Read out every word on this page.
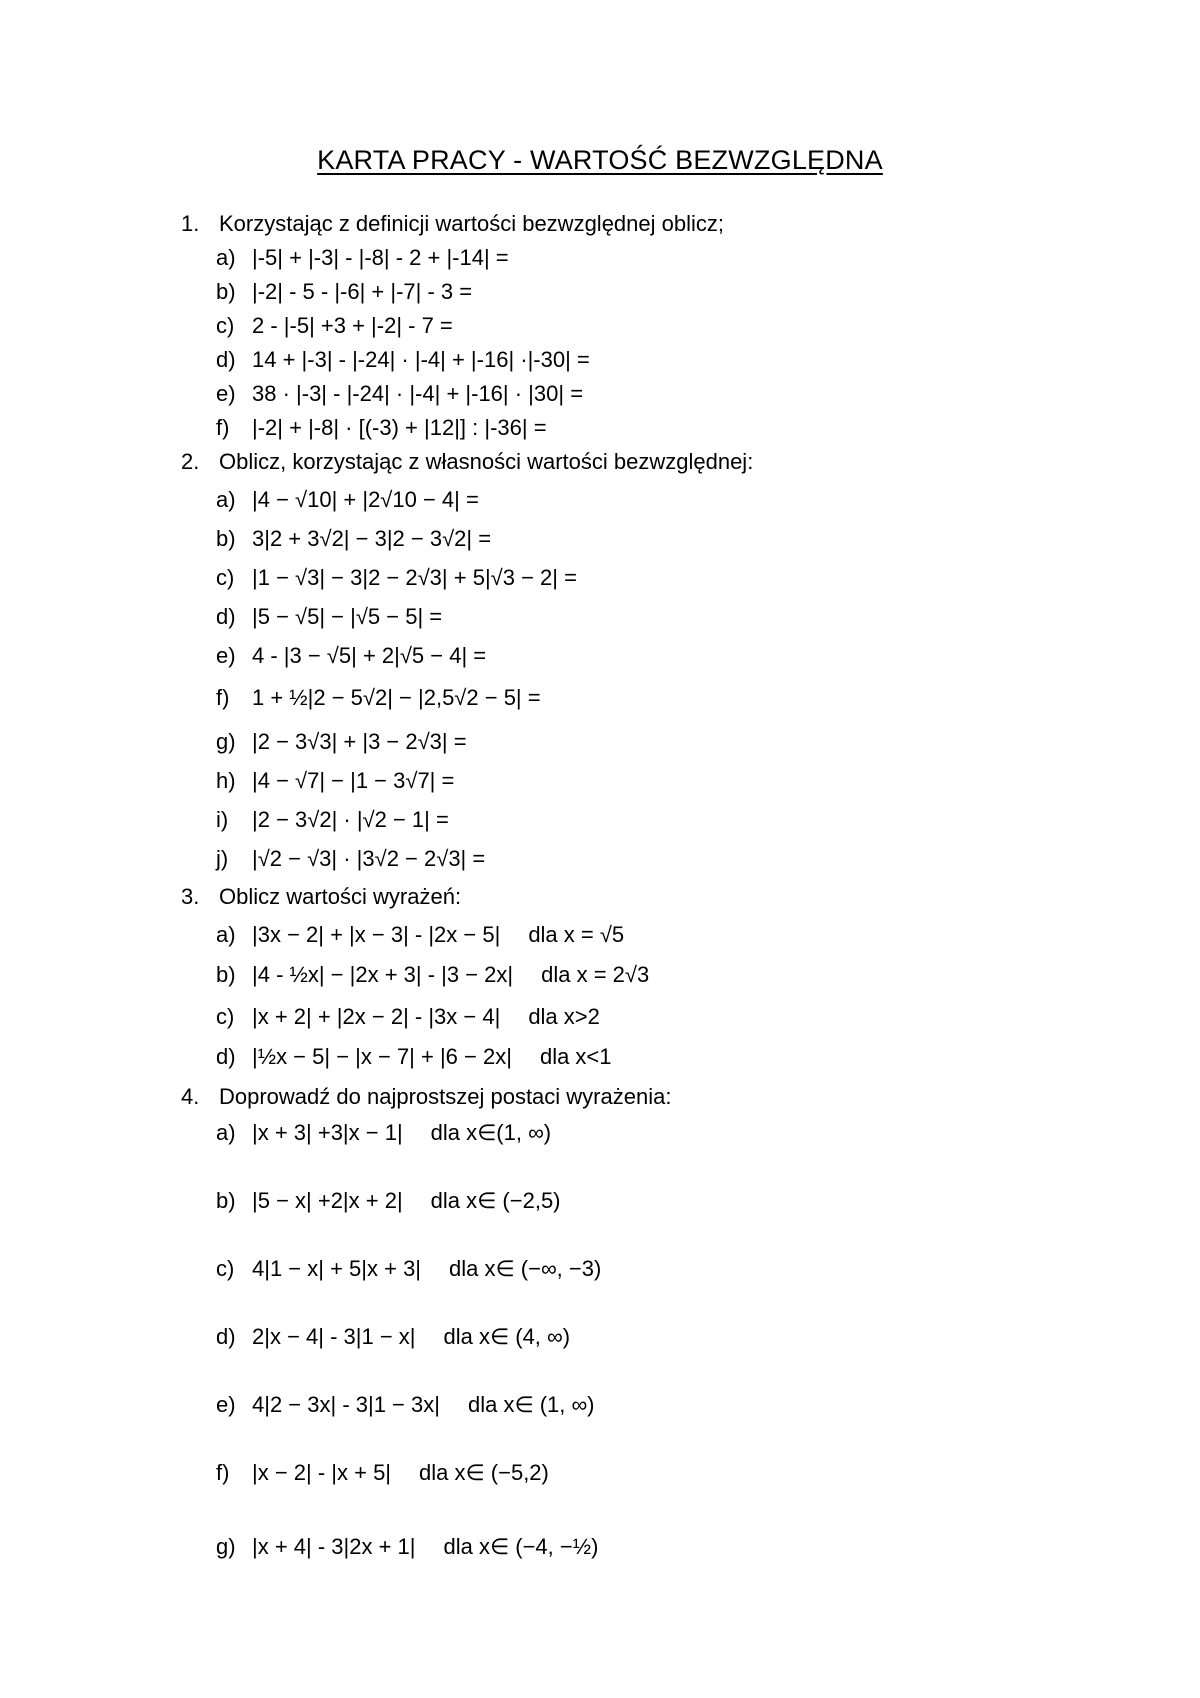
KARTA PRACY - WARTOŚĆ BEZWZGLĘDNA
1. Korzystając z definicji wartości bezwzględnej oblicz;
a) |-5| + |-3| - |-8| - 2 + |-14| =
b) |-2| - 5 - |-6| + |-7| - 3 =
c) 2 - |-5| +3 + |-2| - 7 =
d) 14 + |-3| - |-24| · |-4| + |-16| ·|-30| =
e) 38 · |-3| - |-24| · |-4| + |-16| · |30| =
f) |-2| + |-8| · [(-3) + |12|] : |-36| =
2. Oblicz, korzystając z własności wartości bezwzględnej:
a) |4 − √10| + |2√10 − 4| =
b) 3|2 + 3√2| − 3|2 − 3√2| =
c) |1 − √3| − 3|2 − 2√3| + 5|√3 − 2| =
d) |5 − √5| − |√5 − 5| =
e) 4 - |3 − √5| + 2|√5 − 4| =
f) 1 + ½|2 − 5√2| − |2,5√2 − 5| =
g) |2 − 3√3| + |3 − 2√3| =
h) |4 − √7| − |1 − 3√7| =
i) |2 − 3√2| · |√2 − 1| =
j) |√2 − √3| · |3√2 − 2√3| =
3. Oblicz wartości wyrażeń:
a) |3x − 2| + |x − 3| - |2x − 5| dla x = √5
b) |4 - ½x| − |2x + 3| - |3 − 2x| dla x = 2√3
c) |x + 2| + |2x − 2| - |3x − 4| dla x>2
d) |½x − 5| − |x − 7| + |6 − 2x| dla x<1
4. Doprowadź do najprostszej postaci wyrażenia:
a) |x + 3| +3|x − 1| dla x∈(1, ∞)
b) |5 − x| +2|x + 2| dla x∈ (−2,5)
c) 4|1 − x| + 5|x + 3| dla x∈ (−∞, −3)
d) 2|x − 4| - 3|1 − x| dla x∈ (4, ∞)
e) 4|2 − 3x| - 3|1 − 3x| dla x∈ (1, ∞)
f) |x − 2| - |x + 5| dla x∈ (−5,2)
g) |x + 4| - 3|2x + 1| dla x∈ (−4, −½)
